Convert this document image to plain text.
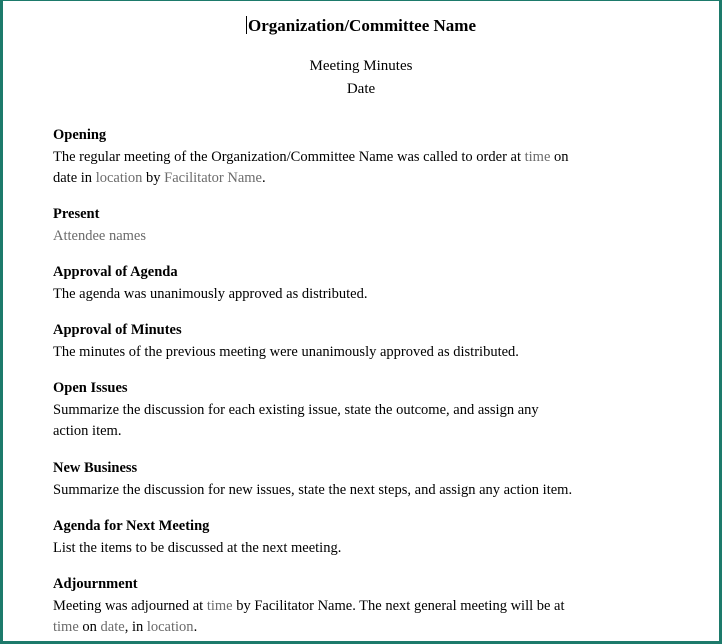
Organization/Committee Name
Meeting Minutes
Date
Opening
The regular meeting of the Organization/Committee Name was called to order at time on
date in location by Facilitator Name.
Present
Attendee names
Approval of Agenda
The agenda was unanimously approved as distributed.
Approval of Minutes
The minutes of the previous meeting were unanimously approved as distributed.
Open Issues
Summarize the discussion for each existing issue, state the outcome, and assign any
action item.
New Business
Summarize the discussion for new issues, state the next steps, and assign any action item.
Agenda for Next Meeting
List the items to be discussed at the next meeting.
Adjournment
Meeting was adjourned at time by Facilitator Name. The next general meeting will be at
time on date, in location.
